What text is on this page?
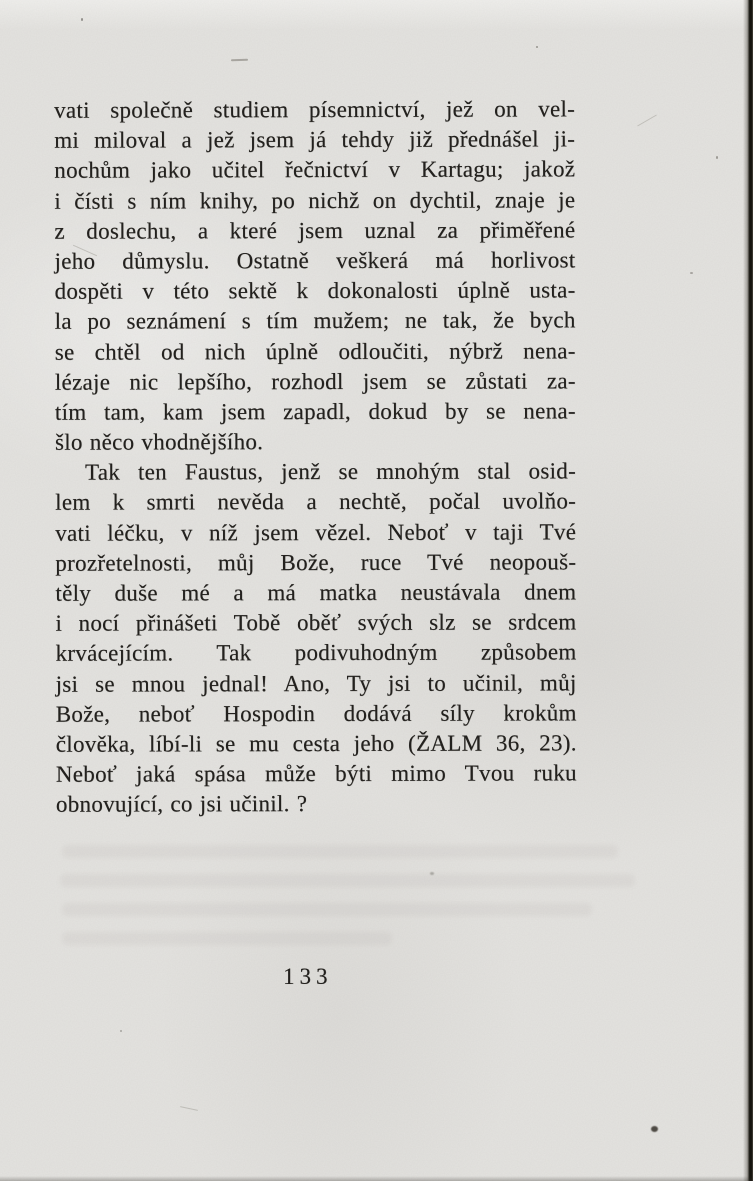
vati společně studiem písemnictví, jež on vel-
mi miloval a jež jsem já tehdy již přednášel ji-
nochům jako učitel řečnictví v Kartagu; jakož
i čísti s ním knihy, po nichž on dychtil, znaje je
z doslechu, a které jsem uznal za přiměřené
jeho důmyslu. Ostatně veškerá má horlivost
dospěti v této sektě k dokonalosti úplně usta-
la po seznámení s tím mužem; ne tak, že bych
se chtěl od nich úplně odloučiti, nýbrž nena-
lézaje nic lepšího, rozhodl jsem se zůstati za-
tím tam, kam jsem zapadl, dokud by se nena-
šlo něco vhodnějšího.
Tak ten Faustus, jenž se mnohým stal osid-
lem k smrti nevěda a nechtě, počal uvolňo-
vati léčku, v níž jsem vězel. Neboť v taji Tvé
prozřetelnosti, můj Bože, ruce Tvé neopouš-
těly duše mé a má matka neustávala dnem
i nocí přinášeti Tobě oběť svých slz se srdcem
krvácejícím. Tak podivuhodným způsobem
jsi se mnou jednal! Ano, Ty jsi to učinil, můj
Bože, neboť Hospodin dodává síly krokům
člověka, líbí-li se mu cesta jeho (ŽALM 36, 23).
Neboť jaká spása může býti mimo Tvou ruku
obnovující, co jsi učinil. ?
133
